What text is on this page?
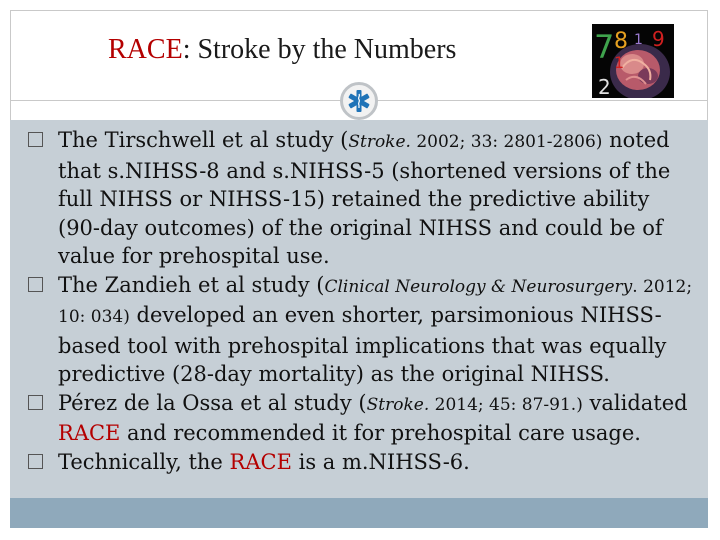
RACE: Stroke by the Numbers	7 8 1 9
2
1
The Tirschwell et al study (Stroke. 2002; 33: 2801-2806) noted that s.NIHSS-8 and s.NIHSS-5 (shortened versions of the full NIHSS or NIHSS-15) retained the predictive ability (90-day outcomes) of the original NIHSS and could be of value for prehospital use.
The Zandieh et al study (Clinical Neurology & Neurosurgery. 2012; 10: 034) developed an even shorter, parsimonious NIHSS-based tool with prehospital implications that was equally predictive (28-day mortality) as the original NIHSS.
Pérez de la Ossa et al study (Stroke. 2014; 45: 87-91.) validated RACE and recommended it for prehospital care usage.
Technically, the RACE is a m.NIHSS-6.
